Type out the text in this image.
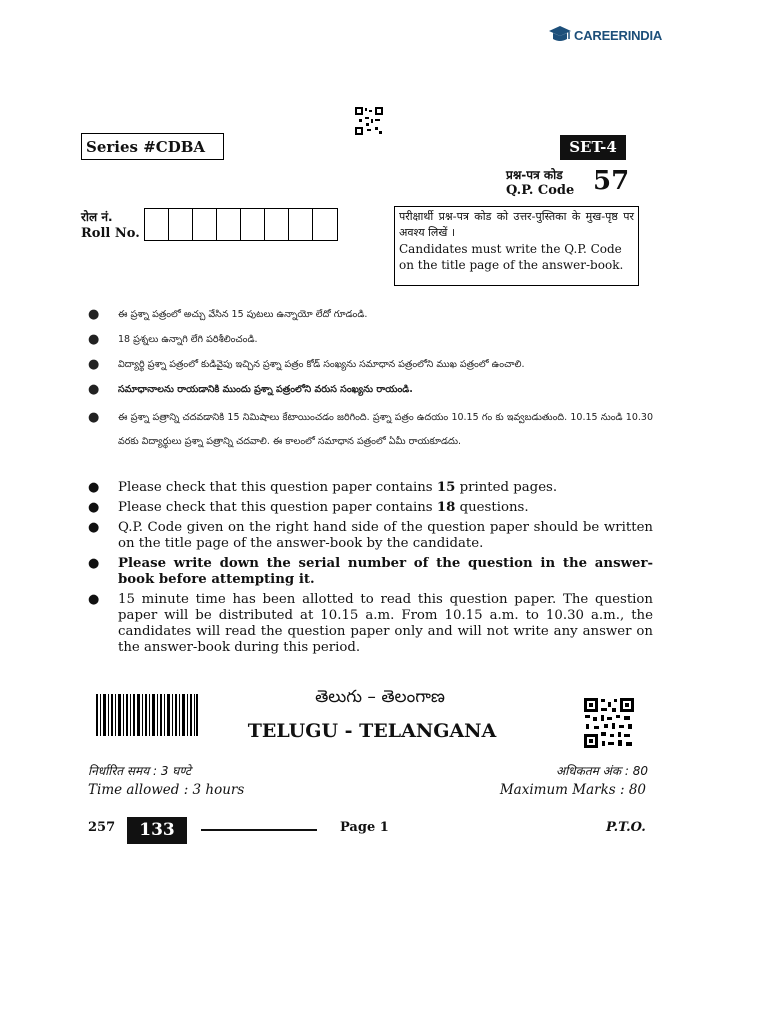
CAREERINDIA
Series #CDBA	SET-4
प्रश्न-पत्र कोड
Q.P. Code 57
रोल नं.
Roll No.
परीक्षार्थी प्रश्न-पत्र कोड को उत्तर-पुस्तिका के मुख-पृष्ठ पर अवश्य लिखें ।
Candidates must write the Q.P. Code on the title page of the answer-book.
● ఈ ప్రశ్నా పత్రంలో అచ్చు వేసిన 15 పుటలు ఉన్నాయో లేదో గూడండి.
● 18 ప్రశ్నలు ఉన్నాగి లేగి పరిశీలించండి.
● విద్యార్థి ప్రశ్నా పత్రంలో కుడివైపు ఇచ్చిన ప్రశ్నా పత్రం కోడ్ సంఖ్యను సమాధాన పత్రంలోని ముఖ పత్రంలో ఉంచాలి.
● సమాధానాలను రాయడానికి ముందు ప్రశ్నా పత్రంలోని వరుస సంఖ్యను రాయండి.
● ఈ ప్రశ్నా పత్రాన్ని చదవడానికి 15 నిమిషాలు కేటాయించడం జరిగింది. ప్రశ్నా పత్రం ఉదయం 10.15 గం కు ఇవ్వబడుతుంది. 10.15 నుండి 10.30 వరకు విద్యార్థులు ప్రశ్నా పత్రాన్ని చదవాలి. ఈ కాలంలో సమాధాన పత్రంలో ఏమీ రాయకూడదు.
● Please check that this question paper contains 15 printed pages.
● Please check that this question paper contains 18 questions.
● Q.P. Code given on the right hand side of the question paper should be written on the title page of the answer-book by the candidate.
● Please write down the serial number of the question in the answer-book before attempting it.
● 15 minute time has been allotted to read this question paper. The question paper will be distributed at 10.15 a.m. From 10.15 a.m. to 10.30 a.m., the candidates will read the question paper only and will not write any answer on the answer-book during this period.
తెలుగు – తెలంగాణ
TELUGU - TELANGANA
निर्धारित समय : 3 घण्टे
Time allowed : 3 hours
अधिकतम अंक : 80
Maximum Marks : 80
257	133	Page 1	P.T.O.
